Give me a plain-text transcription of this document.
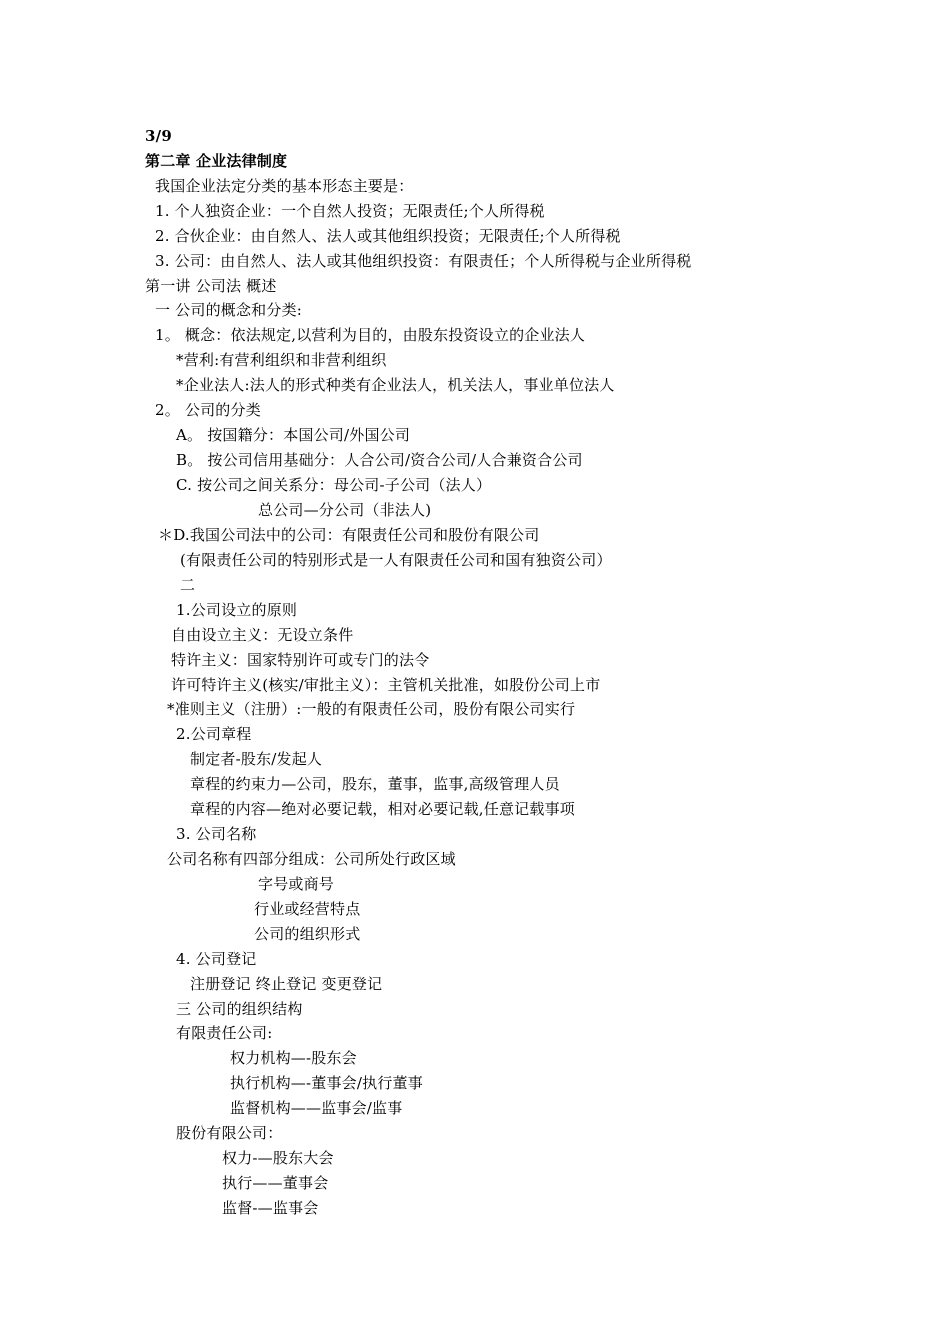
3/9
第二章 企业法律制度
我国企业法定分类的基本形态主要是：
1. 个人独资企业：一个自然人投资；无限责任;个人所得税
2. 合伙企业：由自然人、法人或其他组织投资；无限责任;个人所得税
3. 公司：由自然人、法人或其他组织投资：有限责任；个人所得税与企业所得税
第一讲 公司法 概述
一 公司的概念和分类:
1。 概念：依法规定,以营利为目的，由股东投资设立的企业法人
*营利:有营利组织和非营利组织
*企业法人:法人的形式种类有企业法人，机关法人，事业单位法人
2。 公司的分类
A。 按国籍分：本国公司/外国公司
B。 按公司信用基础分：人合公司/资合公司/人合兼资合公司
C. 按公司之间关系分：母公司-子公司（法人）
总公司—分公司（非法人)
＊D.我国公司法中的公司：有限责任公司和股份有限公司
(有限责任公司的特别形式是一人有限责任公司和国有独资公司）
二
1.公司设立的原则
自由设立主义：无设立条件
特许主义：国家特别许可或专门的法令
许可特许主义(核实/审批主义）：主管机关批准，如股份公司上市
*准则主义（注册）:一般的有限责任公司，股份有限公司实行
2.公司章程
制定者-股东/发起人
章程的约束力—公司，股东，董事，监事,高级管理人员
章程的内容—绝对必要记载，相对必要记载,任意记载事项
3. 公司名称
公司名称有四部分组成：公司所处行政区域
字号或商号
行业或经营特点
公司的组织形式
4. 公司登记
注册登记 终止登记 变更登记
三 公司的组织结构
有限责任公司:
权力机构—-股东会
执行机构—-董事会/执行董事
监督机构——监事会/监事
股份有限公司：
权力-—股东大会
执行——董事会
监督-—监事会
